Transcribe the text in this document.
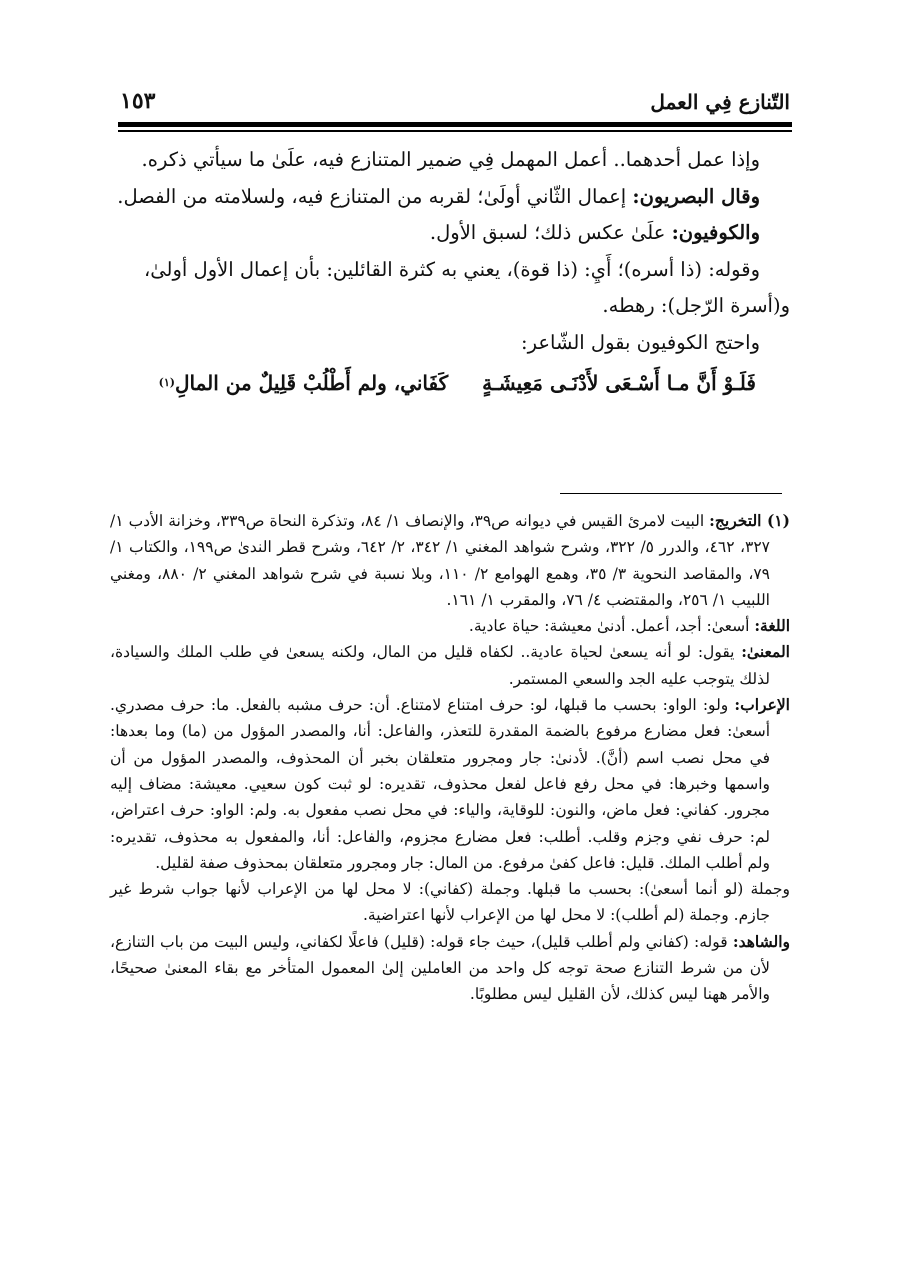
التّنازع فِي العمل
١٥٣

وإذا عمل أحدهما.. أعمل المهمل فِي ضمير المتنازع فيه، علَىٰ ما سيأتي ذكره.

وقال البصريون: إعمال الثّاني أولَىٰ؛ لقربه من المتنازع فيه، ولسلامته من الفصل.

والكوفيون: علَىٰ عكس ذلك؛ لسبق الأول.

وقوله: (ذا أسره)؛ أَيِ: (ذا قوة)، يعني به كثرة القائلين: بأن إعمال الأول أولىٰ،

و(أسرة الرّجل): رهطه.

واحتج الكوفيون بقول الشّاعر:

فَلَـوْ أَنَّ مـا أَسْـعَى لأَدْنَـى مَعِيشَـةٍكَفَاني، ولم أَطْلُبْ قَلِيلٌ من المالِ$^{(١)}$

(١) التخريج: البيت لامرئ القيس في ديوانه ص٣٩، والإنصاف ١/ ٨٤، وتذكرة النحاة ص٣٣٩، وخزانة الأدب ١/ ٣٢٧، ٤٦٢، والدرر ٥/ ٣٢٢، وشرح شواهد المغني ١/ ٣٤٢، ٢/ ٦٤٢، وشرح قطر الندىٰ ص١٩٩، والكتاب ١/ ٧٩، والمقاصد النحوية ٣/ ٣٥، وهمع الهوامع ٢/ ١١٠، وبلا نسبة في شرح شواهد المغني ٢/ ٨٨٠، ومغني اللبيب ١/ ٢٥٦، والمقتضب ٤/ ٧٦، والمقرب ١/ ١٦١.

اللغة: أسعىٰ: أجد، أعمل. أدنىٰ معيشة: حياة عادية.

المعنىٰ: يقول: لو أنه يسعىٰ لحياة عادية.. لكفاه قليل من المال، ولكنه يسعىٰ في طلب الملك والسيادة، لذلك يتوجب عليه الجد والسعي المستمر.

الإعراب: ولو: الواو: بحسب ما قبلها، لو: حرف امتناع لامتناع. أن: حرف مشبه بالفعل. ما: حرف مصدري. أسعىٰ: فعل مضارع مرفوع بالضمة المقدرة للتعذر، والفاعل: أنا، والمصدر المؤول من (ما) وما بعدها: في محل نصب اسم (أنَّ). لأدنىٰ: جار ومجرور متعلقان بخبر أن المحذوف، والمصدر المؤول من أن واسمها وخبرها: في محل رفع فاعل لفعل محذوف، تقديره: لو ثبت كون سعيي. معيشة: مضاف إليه مجرور. كفاني: فعل ماض، والنون: للوقاية، والياء: في محل نصب مفعول به. ولم: الواو: حرف اعتراض، لم: حرف نفي وجزم وقلب. أطلب: فعل مضارع مجزوم، والفاعل: أنا، والمفعول به محذوف، تقديره: ولم أطلب الملك. قليل: فاعل كفىٰ مرفوع. من المال: جار ومجرور متعلقان بمحذوف صفة لقليل.

وجملة (لو أنما أسعىٰ): بحسب ما قبلها. وجملة (كفاني): لا محل لها من الإعراب لأنها جواب شرط غير جازم. وجملة (لم أطلب): لا محل لها من الإعراب لأنها اعتراضية.

والشاهد: قوله: (كفاني ولم أطلب قليل)، حيث جاء قوله: (قليل) فاعلًا لكفاني، وليس البيت من باب التنازع، لأن من شرط التنازع صحة توجه كل واحد من العاملين إلىٰ المعمول المتأخر مع بقاء المعنىٰ صحيحًا، والأمر ههنا ليس كذلك، لأن القليل ليس مطلوبًا.
